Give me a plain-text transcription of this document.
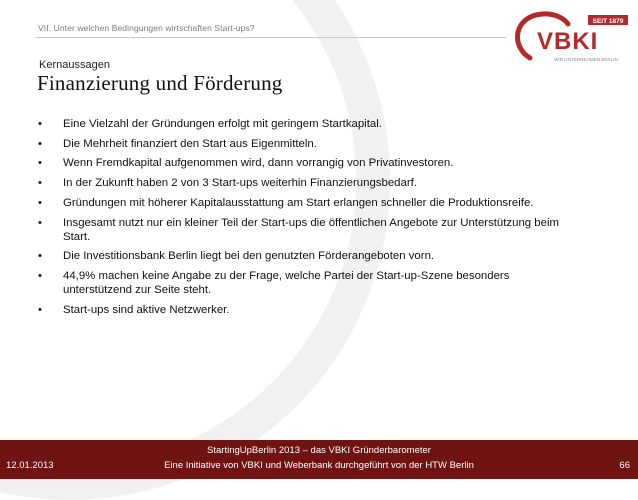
VII. Unter welchen Bedingungen wirtschaften Start-ups?
SEIT 1879
VBKI
WIR UNTERNEHMEN BERLIN
Kernaussagen
Finanzierung und Förderung
•	Eine Vielzahl der Gründungen erfolgt mit geringem Startkapital.
•	Die Mehrheit finanziert den Start aus Eigenmitteln.
•	Wenn Fremdkapital aufgenommen wird, dann vorrangig von Privatinvestoren.
•	In der Zukunft haben 2 von 3 Start-ups weiterhin Finanzierungsbedarf.
•	Gründungen mit höherer Kapitalausstattung am Start erlangen schneller die Produktionsreife.
•	Insgesamt nutzt nur ein kleiner Teil der Start-ups die öffentlichen Angebote zur Unterstützung beim Start.
•	Die Investitionsbank Berlin liegt bei den genutzten Förderangeboten vorn.
•	44,9% machen keine Angabe zu der Frage, welche Partei der Start-up-Szene besonders unterstützend zur Seite steht.
•	Start-ups sind aktive Netzwerker.
StartingUpBerlin 2013 – das VBKI Gründerbarometer
Eine Initiative von VBKI und Weberbank durchgeführt von der HTW Berlin
12.01.2013	66
